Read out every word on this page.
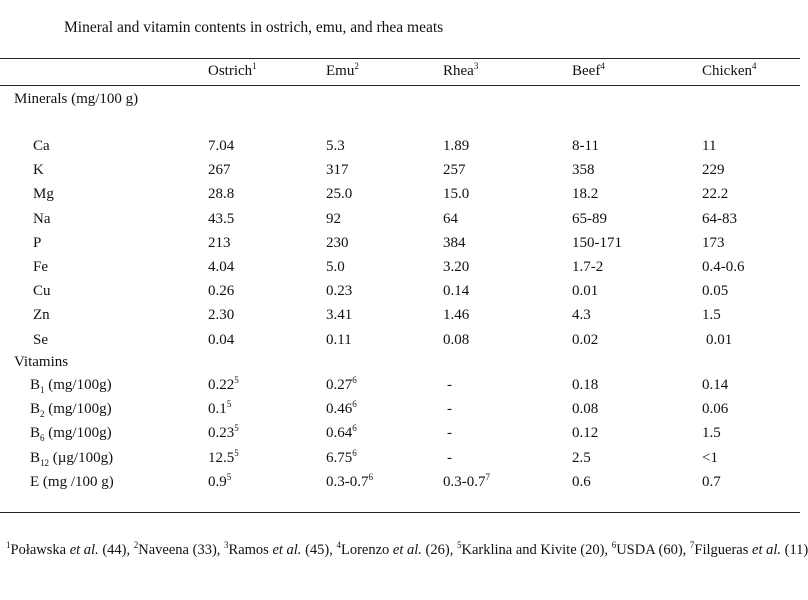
Mineral and vitamin contents in ostrich, emu, and rhea meats
Ostrich$^1$	Emu$^2$	Rhea$^3$	Beef$^4$	Chicken$^4$
Minerals (mg/100 g)
Ca	7.04	5.3	1.89	8-11	11
K	267	317	257	358	229
Mg	28.8	25.0	15.0	18.2	22.2
Na	43.5	92	64	65-89	64-83
P	213	230	384	150-171	173
Fe	4.04	5.0	3.20	1.7-2	0.4-0.6
Cu	0.26	0.23	0.14	0.01	0.05
Zn	2.30	3.41	1.46	4.3	1.5
Se	0.04	0.11	0.08	0.02	0.01
Vitamins
$B_1$ (mg/100g)	0.22$^5$	0.27$^6$	-	0.18	0.14
$B_2$ (mg/100g)	$0.1^5$	0.46$^6$	-	0.08	0.06
$B_6$ (mg/100g)	0.23$^5$	0.64$^6$	-	0.12	1.5
$B_{12}$ (µg/100g)	12.5$^5$	6.75$^6$	-	2.5	<1
E (mg /100 g)	$0.9^5$	$0.3-0.7^6$	$0.3-0.7^7$	0.6	0.7
$^1$Poławska et al. (44), $^2$Naveena (33), $^3$Ramos et al. (45), $^4$Lorenzo et al. (26), $^5$Karklina and Kivite (20), $^6$USDA (60), $^7$Filgueras et al. (11)
